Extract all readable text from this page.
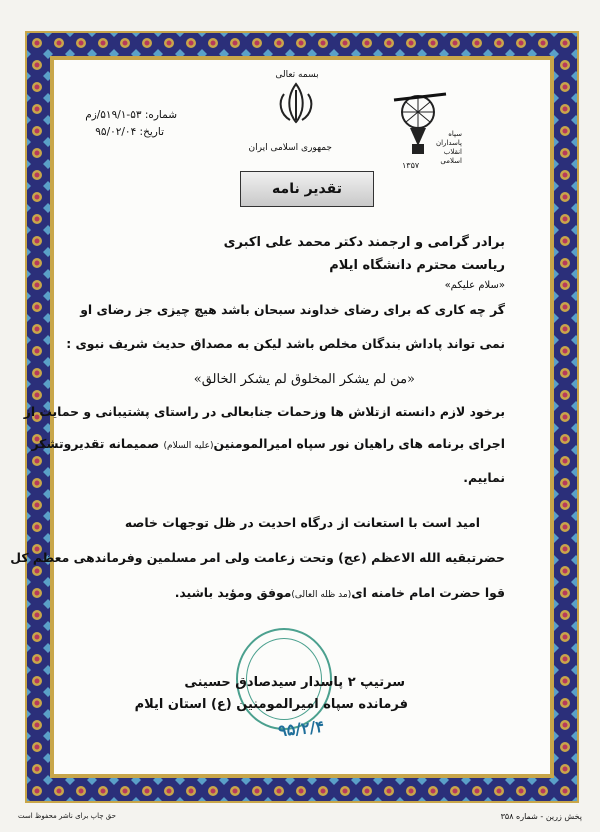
بسمه تعالی
جمهوری اسلامی ایران
سپاه پاسداران انقلاب اسلامی
۱۳۵۷
شماره: ۵۳-۵۱۹/۱/زم
تاریخ: ۹۵/۰۲/۰۴
تقدیر نامه
برادر گرامی و ارجمند دکتر محمد علی اکبری
ریاست محترم دانشگاه ایلام
«سلام علیکم»
گر چه کاری که برای رضای خداوند سبحان باشد هیچ چیزی جز رضای او
نمی تواند پاداش بندگان مخلص باشد لیکن به مصداق حدیث شریف نبوی :
«من لم یشکر المخلوق لم یشکر الخالق»
برخود لازم دانسته ازتلاش ها وزحمات جنابعالی در راستای پشتیبانی و حمایت از
اجرای برنامه های راهیان نور سپاه امیرالمومنین(علیه السلام) صمیمانه تقدیروتشکر
نماییم.
امید است با استعانت از درگاه احدیت در ظل توجهات خاصه
حضرتبقیه الله الاعظم (عج) وتحت زعامت ولی امر مسلمین وفرماندهی معظم کل
قوا حضرت امام خامنه ای(مد ظله العالی)موفق ومؤید باشید.
سرتیپ ۲ پاسدار سیدصادق حسینی
فرمانده سپاه امیرالمومنین (ع) استان ایلام
۹۵/۲/۴
پخش زرین - شماره ۳۵۸
حق چاپ برای ناشر محفوظ است
